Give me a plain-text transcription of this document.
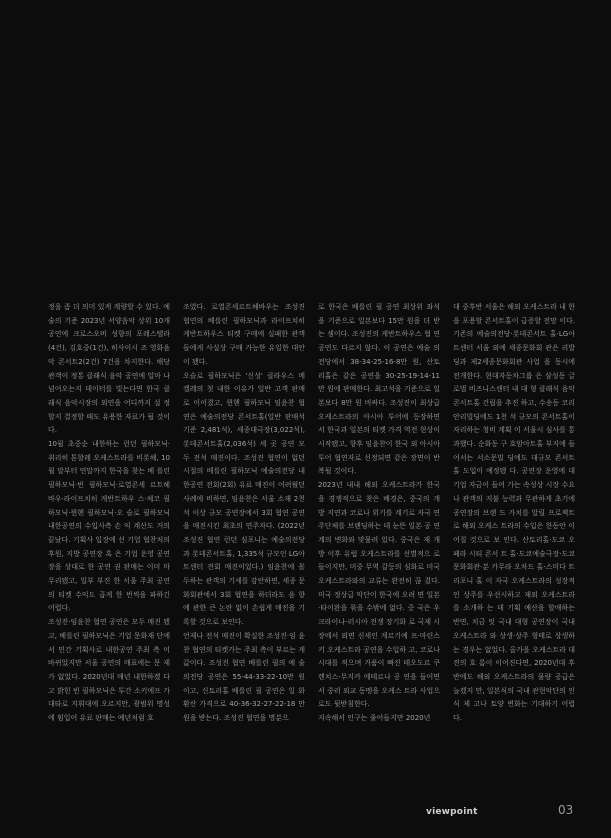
정을 좀 더 의미 있게 계량할 수 있다. 예 술의 기준 2023년 서양음악 상위 10개 공연에 크로스오버 성향의 포레스텔라 (4건), 김호중(1건), 히사이시 조 영화음 악 콘서트2(2건) 7건을 차지한다. 해당 관객이 정통 클래식 음악 공연에 얼마 나 넘어오는지 데이터를 빛는다면 한국 클래식 음악시장의 외연을 어디까지 설 정할지 결정할 때도 유용한 자료가 될 것이다.

10월 초중순 내한하는 런던 필하모닉· 취리히 톤할레 오케스트라를 비롯해, 10월 말부터 연말까지 한국을 찾는 베 를린 필하모닉·빈 필하모닉·로열콘세 르트헤바우·라이프치히 게반트하우 스·체코 필하모닉·뮌헨 필하모닉·오 슬로 필하모닉 내한공연의 수입사측 손 익 계산도 거의 끝났다. 기획사 입장에 선 기업 협찬처의 후원, 지방 공연장 혹 은 기업 운영 공연장을 상대로 한 공연 권 판매는 이미 마무리됐고, 일부 부진 한 서울 주최 공연의 티켓 수익도 곱게 한 번씩을 파하긴 어렵다.

조성진·임윤찬 협연 공연은 모두 매진 됐고, 베를린 필하모닉은 기업 문화재 단에서 민간 기획사로 내한공연 주최 측 이 바뀌었지만 서울 공연의 매표에는 문 제가 없었다. 2020년대 매년 내한하겠 다고 밝힌 빈 필하모닉은 투간 소키에프 가 대타로 지휘대에 오르지만, 광범위 명성에 힘입어 유료 판매는 예년처럼 호

조였다. 로열콘세르트헤바우는 조성진 협연의 베를린 필하모닉과 라이프치히 게반트하우스 티켓 구매에 실패한 관객 들에게 사실상 구매 가능한 유일한 대안 이 됐다.

오슬로 필하모닉은 '신성' 클라우스 메 켈레의 첫 내한 이유가 일반 고객 판매 로 이어졌고, 뮌헨 필하모닉 임윤찬 협 연은 예술의전당 콘서트홀(일반 판매석 기준 2,481석), 세종대극장(3,022석), 롯데콘서트홀(2,036석) 세 곳 공연 모 두 전석 매진이다. 조성진 협연이 없던 시절의 베를린 필하모닉 예술의전당 내 한공연 전회(2회) 유료 매진이 어려웠던 사례에 비하면, 임윤찬은 서울 소재 2천 석 이상 규모 공연장에서 3회 협연 공연 을 매진시킨 최초의 연주자다. (2022년 조성진 협연 런던 심포니는 예술의전당 과 롯데콘서트홀, 1,335석 규모인 LG아 트센터 전회 매진이었다.) 임윤찬에 몰 두하는 관객의 기세를 감안하면, 세종 문화회관에서 3회 협연을 하더라도 음 향에 관한 큰 논란 없이 손쉽게 매진을 기록할 것으로 보인다.

언제나 전석 매진이 확실한 조성진·임 윤찬 협연의 티켓가는 주최 측이 부르는 게 값이다. 조성진 협연 베를린 필의 예 술의전당 공연은 55-44-33-22-10만 원이고, 신토리홀 베를린 필 공연은 일 화 환산 가격으로 40-36-32-27-22-18 만 원을 받는다. 조성진 협연을 명분으

로 한국은 베를린 필 공연 최상위 좌석 을 기준으로 일본보다 15만 원을 더 받 는 셈이다. 조성진의 게반트하우스 협 연 공연도 다르지 않다. 이 공연은 예술 의전당에서 38-34-25-16-8만 원, 산토 리홀은 같은 공연을 30-25-19-14-11만 원에 판매한다. 최고석을 기준으로 일 본보다 8만 원 비싸다. 조성진이 최상급 오케스트라의 아시아 투어에 등장하면 서 한국과 일본의 티켓 가격 역전 현상이 시작됐고, 향후 임윤찬이 한국 외 아시아 투어 협연자로 선정되면 같은 장면이 반 복될 것이다.

2023년 내내 해외 오케스트라가 한국 을 경쟁적으로 찾은 배경은, 중국의 개 방 지연과 코로나 위기를 계기로 자국 연주단체를 브랜딩하는 데 눈뜬 일본 공 연계의 변화와 맞물려 있다. 중국은 재 개방 이후 유럽 오케스트라를 선별적으 로 들이지만, 미중 무역 갈등의 심화로 미국 오케스트라와의 교류는 완전히 끊 겼다. 미국 정상급 악단이 한국에 오려 면 일본·타이완을 묶을 수밖에 없다. 중 국은 우크라이나-러시아 전쟁 장기화 로 국제 시장에서 외면 신세인 게르기예 프·마린스키 오케스트라 공연을 수입하 고, 코로나 시대를 적으며 거품이 빠진 테오도르 쿠렌치스·무지카 에테르나 공 연을 들이면서 중러 외교 동맹을 오케스 트라 사업으로도 뒷받침한다.

지속해서 인구는 줄어들지만 2020년

대 중후반 서울은 해외 오케스트라 내 한을 포용할 콘서트홀이 급증할 전망 이다. 기존의 예술의전당·롯데콘서트 홀·LG아트센터 서울 외에 세종문화회 관은 리발딩과 제2세종문화회관 사업 을 동시에 전개한다. 현대자동차그룹 은 삼성동 글로벌 비즈니스센터 내 대 형 클래식 음악 콘서트홀 건립을 추진 하고, 수송동 코리안리빌딩에도 1천 석 규모의 콘서트홀이 자리하는 청비 계획 이 서울시 심사를 통과했다. 순화동 구 호암아트홀 부지에 들어서는 서소문빌 딩에도 대규모 콘서트홀 도입이 예정됐 다. 공연장 운영에 대기업 자금이 들어 가는 속성상 시장 수요나 관객의 지불 능력과 무관하게 초기에 공연장의 브랜 드 가치를 알릴 프로젝트로 해외 오케스 트라의 수입은 한동안 이어질 것으로 보 인다. 산토리홀·도쿄 오페라 시티 콘서 트 홀·도쿄예술극장·도쿄문화회관·분 카무라 오차드 홀·스미다 트리포니 홀 이 자국 오케스트라의 성장적인 상주를 우선시하고 재외 오케스트라를 소개하 는 데 기획 예산을 할애하는 반면, 치금 잇 국내 대형 공연장이 국내 오케스트라 와 상생·상주 형태로 상생하는 경우는 없었다. 올가을 오케스트라 대전의 호 름이 이어진다면, 2020년대 후반에도 해외 오케스트라의 물량 공급은 늘겠지 만, 일본식의 국내 관현악단의 인식 제 고나 토양 변화는 기대하기 어렵다.

viewpoint	03
